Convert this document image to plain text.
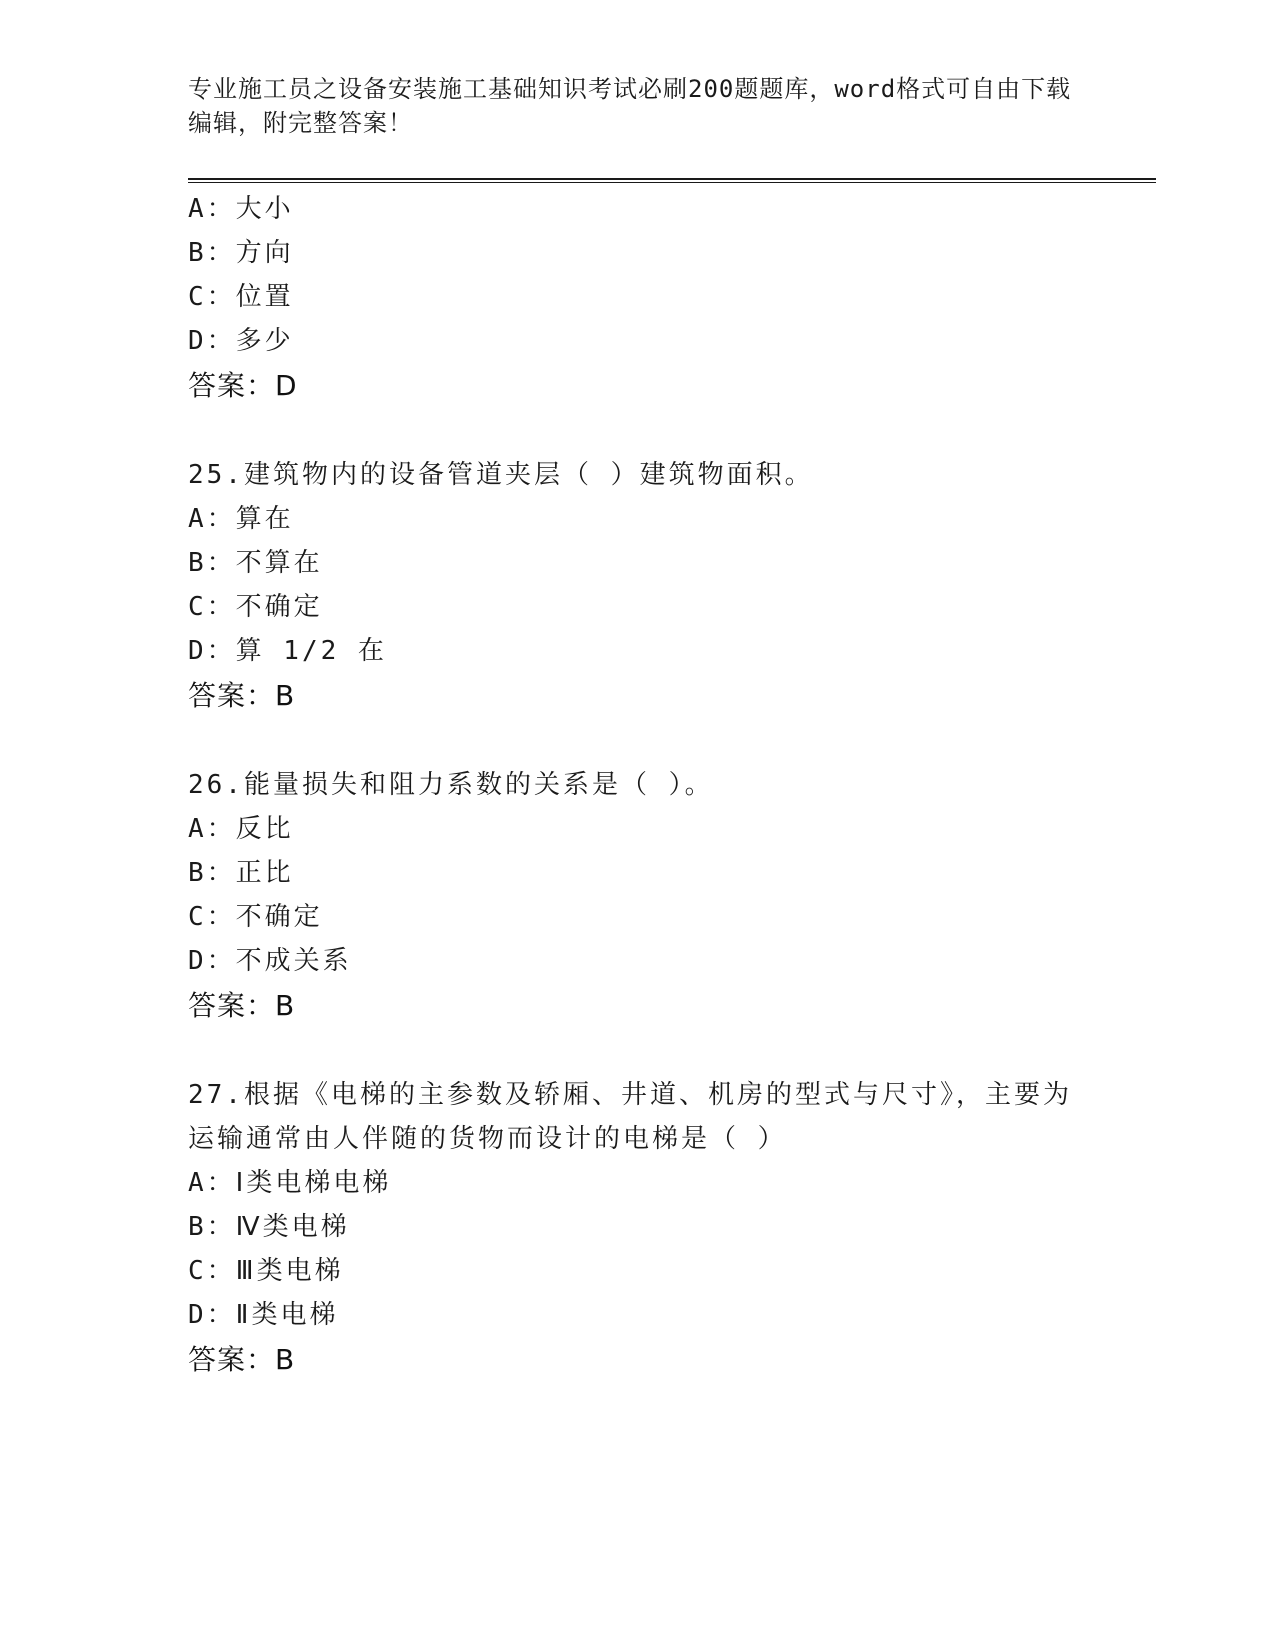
专业施工员之设备安装施工基础知识考试必刷200题题库，word格式可自由下载编辑，附完整答案！
A：大小
B：方向
C：位置
D：多少
答案：D
25.建筑物内的设备管道夹层（ ）建筑物面积。
A：算在
B：不算在
C：不确定
D：算 1/2 在
答案：B
26.能量损失和阻力系数的关系是（ ）。
A：反比
B：正比
C：不确定
D：不成关系
答案：B
27.根据《电梯的主参数及轿厢、井道、机房的型式与尺寸》，主要为
运输通常由人伴随的货物而设计的电梯是（ ）
A：Ⅰ类电梯电梯
B：Ⅳ类电梯
C：Ⅲ类电梯
D：Ⅱ类电梯
答案：B
